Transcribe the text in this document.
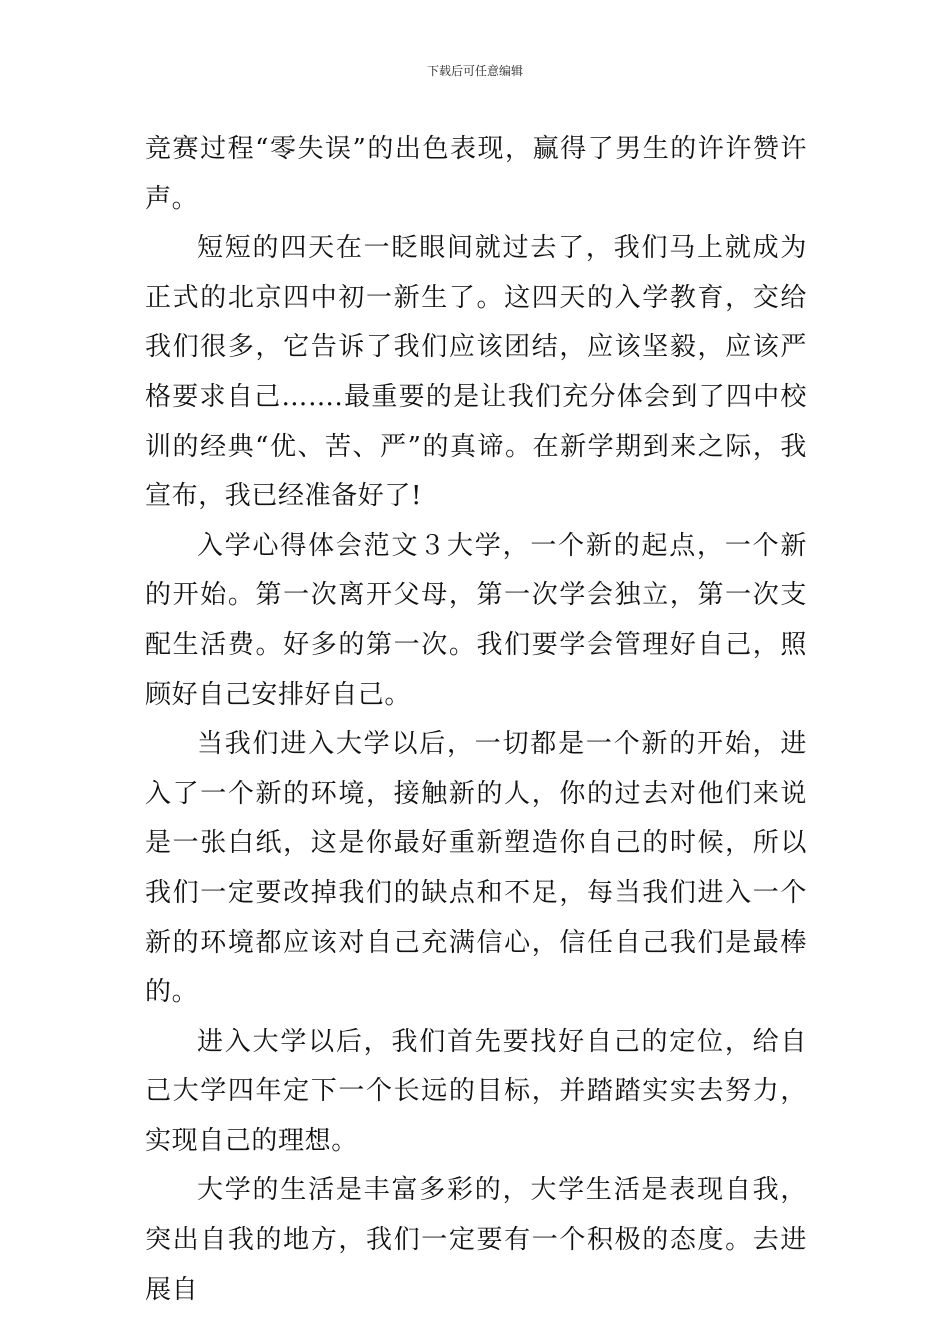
下载后可任意编辑

竞赛过程“零失误”的出色表现，赢得了男生的许许赞许声。

短短的四天在一眨眼间就过去了，我们马上就成为正式的北京四中初一新生了。这四天的入学教育，交给我们很多，它告诉了我们应该团结，应该坚毅，应该严格要求自己…….最重要的是让我们充分体会到了四中校训的经典“优、苦、严”的真谛。在新学期到来之际，我宣布，我已经准备好了!

入学心得体会范文３大学，一个新的起点，一个新的开始。第一次离开父母，第一次学会独立，第一次支配生活费。好多的第一次。我们要学会管理好自己，照顾好自己安排好自己。

当我们进入大学以后，一切都是一个新的开始，进入了一个新的环境，接触新的人，你的过去对他们来说是一张白纸，这是你最好重新塑造你自己的时候，所以我们一定要改掉我们的缺点和不足，每当我们进入一个新的环境都应该对自己充满信心，信任自己我们是最棒的。

进入大学以后，我们首先要找好自己的定位，给自己大学四年定下一个长远的目标，并踏踏实实去努力，实现自己的理想。

大学的生活是丰富多彩的，大学生活是表现自我，突出自我的地方，我们一定要有一个积极的态度。去进展自
